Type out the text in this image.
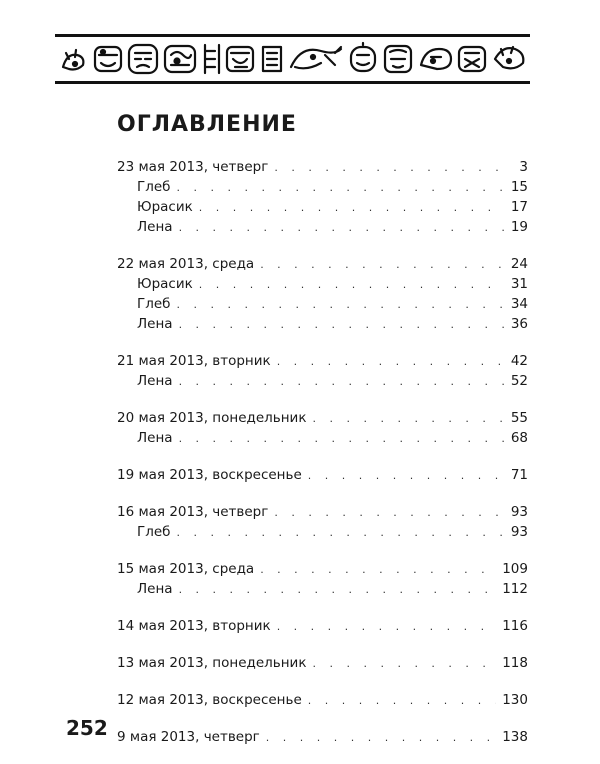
ОГЛАВЛЕНИЕ
23 мая 2013, четверг . . .	3
Глеб . . .	15
Юрасик . . .	17
Лена . . .	19
22 мая 2013, среда . . .	24
Юрасик . . .	31
Глеб . . .	34
Лена . . .	36
21 мая 2013, вторник . . .	42
Лена . . .	52
20 мая 2013, понедельник . . .	55
Лена . . .	68
19 мая 2013, воскресенье . . .	71
16 мая 2013, четверг . . .	93
Глеб . . .	93
15 мая 2013, среда . . .	109
Лена . . .	112
14 мая 2013, вторник . . .	116
13 мая 2013, понедельник . . .	118
12 мая 2013, воскресенье . . .	130
9 мая 2013, четверг . . .	138
252
